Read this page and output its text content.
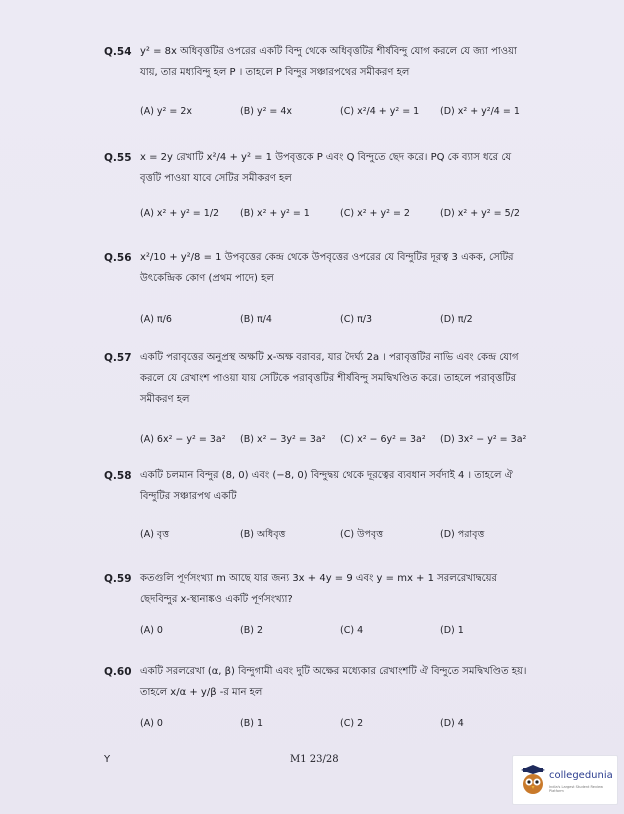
Q.54 y² = 8x অধিবৃত্তটির ওপরের একটি বিন্দু থেকে অধিবৃত্তটির শীর্ষবিন্দু যোগ করলে যে জ্যা পাওয়া যায়, তার মধ্যবিন্দু হল P । তাহলে P বিন্দুর সঞ্চারপথের সমীকরণ হল
(A) y² = 2x	(B) y² = 4x	(C) x²/4 + y² = 1 (D) x² + y²/4 = 1
Q.55 x = 2y রেখাটি x²/4 + y² = 1 উপবৃত্তকে P এবং Q বিন্দুতে ছেদ করে। PQ কে ব্যাস ধরে যে বৃত্তটি পাওয়া যাবে সেটির সমীকরণ হল
(A) x² + y² = 1/2 (B) x² + y² = 1	(C) x² + y² = 2	(D) x² + y² = 5/2
Q.56 x²/10 + y²/8 = 1 উপবৃত্তের কেন্দ্র থেকে উপবৃত্তের ওপরের যে বিন্দুটির দূরত্ব 3 একক, সেটির উৎকেন্দ্রিক কোণ (প্রথম পাদে) হল
(A) π/6	(B) π/4	(C) π/3	(D) π/2
Q.57 একটি পরাবৃত্তের অনুপ্রস্থ অক্ষটি x-অক্ষ বরাবর, যার দৈর্ঘ্য 2a । পরাবৃত্তটির নাভি এবং কেন্দ্র যোগ করলে যে রেখাংশ পাওয়া যায় সেটিকে পরাবৃত্তটির শীর্ষবিন্দু সমদ্বিখণ্ডিত করে। তাহলে পরাবৃত্তটির সমীকরণ হল
(A) 6x² − y² = 3a² (B) x² − 3y² = 3a² (C) x² − 6y² = 3a² (D) 3x² − y² = 3a²
Q.58 একটি চলমান বিন্দুর (8, 0) এবং (−8, 0) বিন্দুদ্বয় থেকে দূরত্বের ব্যবধান সর্বদাই 4 । তাহলে ঐ বিন্দুটির সঞ্চারপথ একটি
(A) বৃত্ত	(B) অধিবৃত্ত	(C) উপবৃত্ত	(D) পরাবৃত্ত
Q.59 কতগুলি পূর্ণসংখ্যা m আছে যার জন্য 3x + 4y = 9 এবং y = mx + 1 সরলরেখাদ্বয়ের ছেদবিন্দুর x-স্থানাঙ্কও একটি পূর্ণসংখ্যা?
(A) 0	(B) 2	(C) 4	(D) 1
Q.60 একটি সরলরেখা (α, β) বিন্দুগামী এবং দুটি অক্ষের মধ্যেকার রেখাংশটি ঐ বিন্দুতে সমদ্বিখণ্ডিত হয়। তাহলে x/α + y/β -র মান হল
(A) 0	(B) 1	(C) 2	(D) 4
Y	M1 23/28
collegedunia
India's Largest Student Review Platform
